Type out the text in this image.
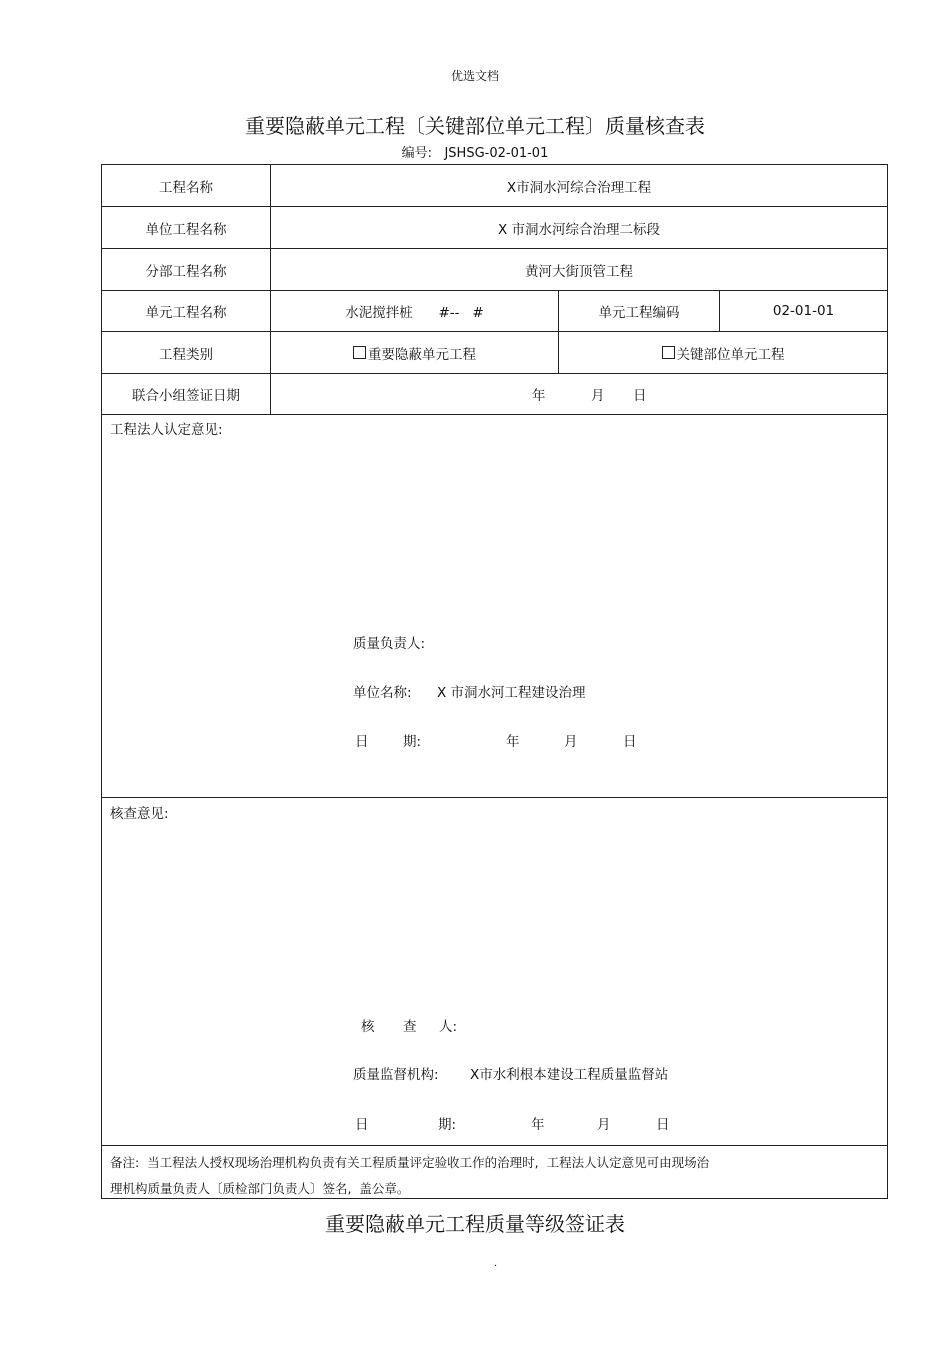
优选文档
重要隐蔽单元工程〔关键部位单元工程〕质量核查表
编号: JSHSG-02-01-01
工程名称	X市洞水河综合治理工程
单位工程名称	X 市洞水河综合治理二标段
分部工程名称	黄河大街顶管工程
单元工程名称	水泥搅拌桩      #--   #	单元工程编码	02-01-01
工程类别	重要隐蔽单元工程	关键部位单元工程
联合小组签证日期	年	月 日
工程法人认定意见:
质量负责人:
单位名称: X 市洞水河工程建设治理
日	期:	年	月	日
核查意见:
核 查 人:
质量监督机构: X市水利根本建设工程质量监督站
日	期:	年	月	日
备注:  当工程法人授权现场治理机构负责有关工程质量评定验收工作的治理时,  工程法人认定意见可由现场治
理机构质量负责人〔质检部门负责人〕签名,  盖公章。
重要隐蔽单元工程质量等级签证表
.
